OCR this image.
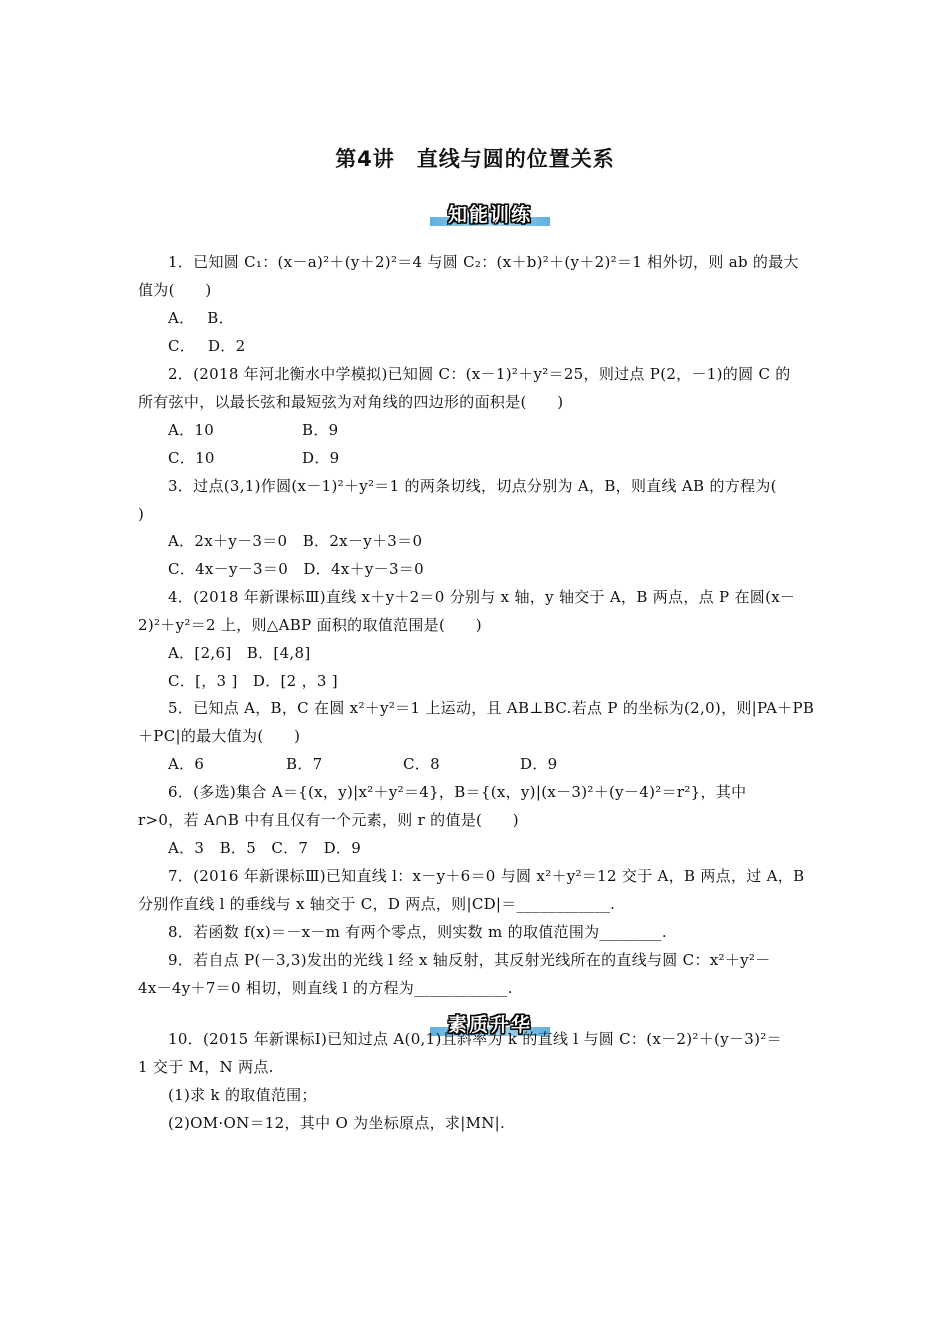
第4讲　直线与圆的位置关系
知能训练
素质升华
1．已知圆 C₁：(x－a)²＋(y＋2)²＝4 与圆 C₂：(x＋b)²＋(y＋2)²＝1 相外切，则 ab 的最大
值为(　　)
A．　 B．
C．　 D．2
2．(2018 年河北衡水中学模拟)已知圆 C：(x－1)²＋y²＝25，则过点 P(2，－1)的圆 C 的
所有弦中，以最长弦和最短弦为对角线的四边形的面积是(　　)
A．10	B．9
C．10	D．9
3．过点(3,1)作圆(x－1)²＋y²＝1 的两条切线，切点分别为 A，B，则直线 AB 的方程为(
)
A．2x＋y－3＝0　B．2x－y＋3＝0
C．4x－y－3＝0　D．4x＋y－3＝0
4．(2018 年新课标Ⅲ)直线 x＋y＋2＝0 分别与 x 轴，y 轴交于 A，B 两点，点 P 在圆(x－
2)²＋y²＝2 上，则△ABP 面积的取值范围是(　　)
A．[2,6]　B．[4,8]
C．[，3 ]　D．[2 ，3 ]
5．已知点 A，B，C 在圆 x²＋y²＝1 上运动，且 AB⊥BC.若点 P 的坐标为(2,0)，则|PA＋PB
＋PC|的最大值为(　　)
A．6	B．7	C．8	D．9
6．(多选)集合 A＝{(x，y)|x²＋y²＝4}，B＝{(x，y)|(x－3)²＋(y－4)²＝r²}，其中
r>0，若 A∩B 中有且仅有一个元素，则 r 的值是(　　)
A．3　B．5　C．7　D．9
7．(2016 年新课标Ⅲ)已知直线 l：x－y＋6＝0 与圆 x²＋y²＝12 交于 A，B 两点，过 A，B
分别作直线 l 的垂线与 x 轴交于 C，D 两点，则|CD|＝____________.
8．若函数 f(x)＝－x－m 有两个零点，则实数 m 的取值范围为________.
9．若自点 P(－3,3)发出的光线 l 经 x 轴反射，其反射光线所在的直线与圆 C：x²＋y²－
4x－4y＋7＝0 相切，则直线 l 的方程为____________.
10．(2015 年新课标Ⅰ)已知过点 A(0,1)且斜率为 k 的直线 l 与圆 C：(x－2)²＋(y－3)²＝
1 交于 M，N 两点.
(1)求 k 的取值范围；
(2)OM·ON＝12，其中 O 为坐标原点，求|MN|.
